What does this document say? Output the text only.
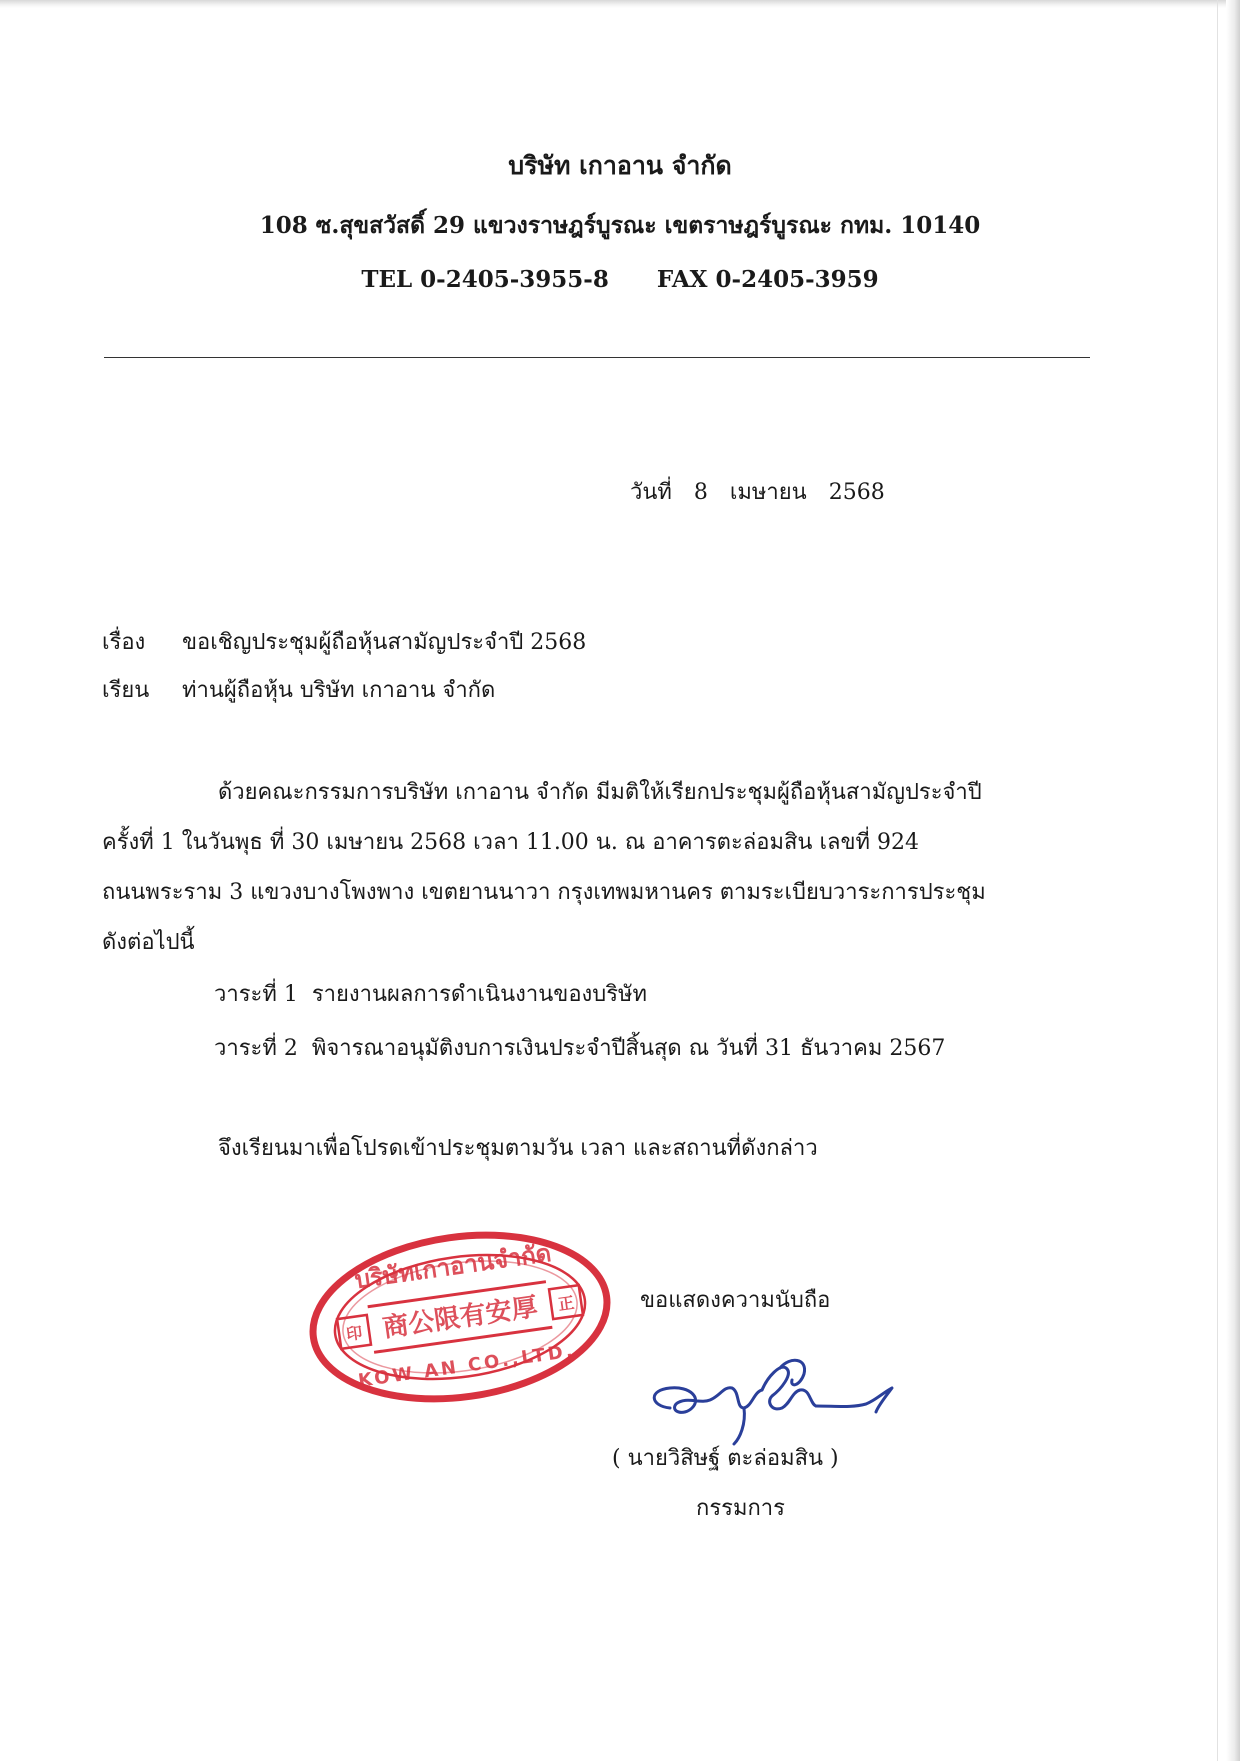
บริษัท เกาอาน จำกัด
108 ซ.สุขสวัสดิ์ 29 แขวงราษฎร์บูรณะ เขตราษฎร์บูรณะ กทม. 10140
TEL 0-2405-3955-8 FAX 0-2405-3959
วันที่ 8 เมษายน 2568
เรื่อง ขอเชิญประชุมผู้ถือหุ้นสามัญประจำปี 2568
เรียน ท่านผู้ถือหุ้น บริษัท เกาอาน จำกัด
ด้วยคณะกรรมการบริษัท เกาอาน จำกัด มีมติให้เรียกประชุมผู้ถือหุ้นสามัญประจำปี
ครั้งที่ 1 ในวันพุธ ที่ 30 เมษายน 2568 เวลา 11.00 น. ณ อาคารตะล่อมสิน เลขที่ 924
ถนนพระราม 3 แขวงบางโพงพาง เขตยานนาวา กรุงเทพมหานคร ตามระเบียบวาระการประชุม
ดังต่อไปนี้
วาระที่ 1 รายงานผลการดำเนินงานของบริษัท
วาระที่ 2 พิจารณาอนุมัติงบการเงินประจำปีสิ้นสุด ณ วันที่ 31 ธันวาคม 2567
จึงเรียนมาเพื่อโปรดเข้าประชุมตามวัน เวลา และสถานที่ดังกล่าว
บริษัทเกาอานจำกัด
印
正
商公限有安厚
KOW AN CO.,LTD.
ขอแสดงความนับถือ
( นายวิสิษฐ์ ตะล่อมสิน )
กรรมการ
